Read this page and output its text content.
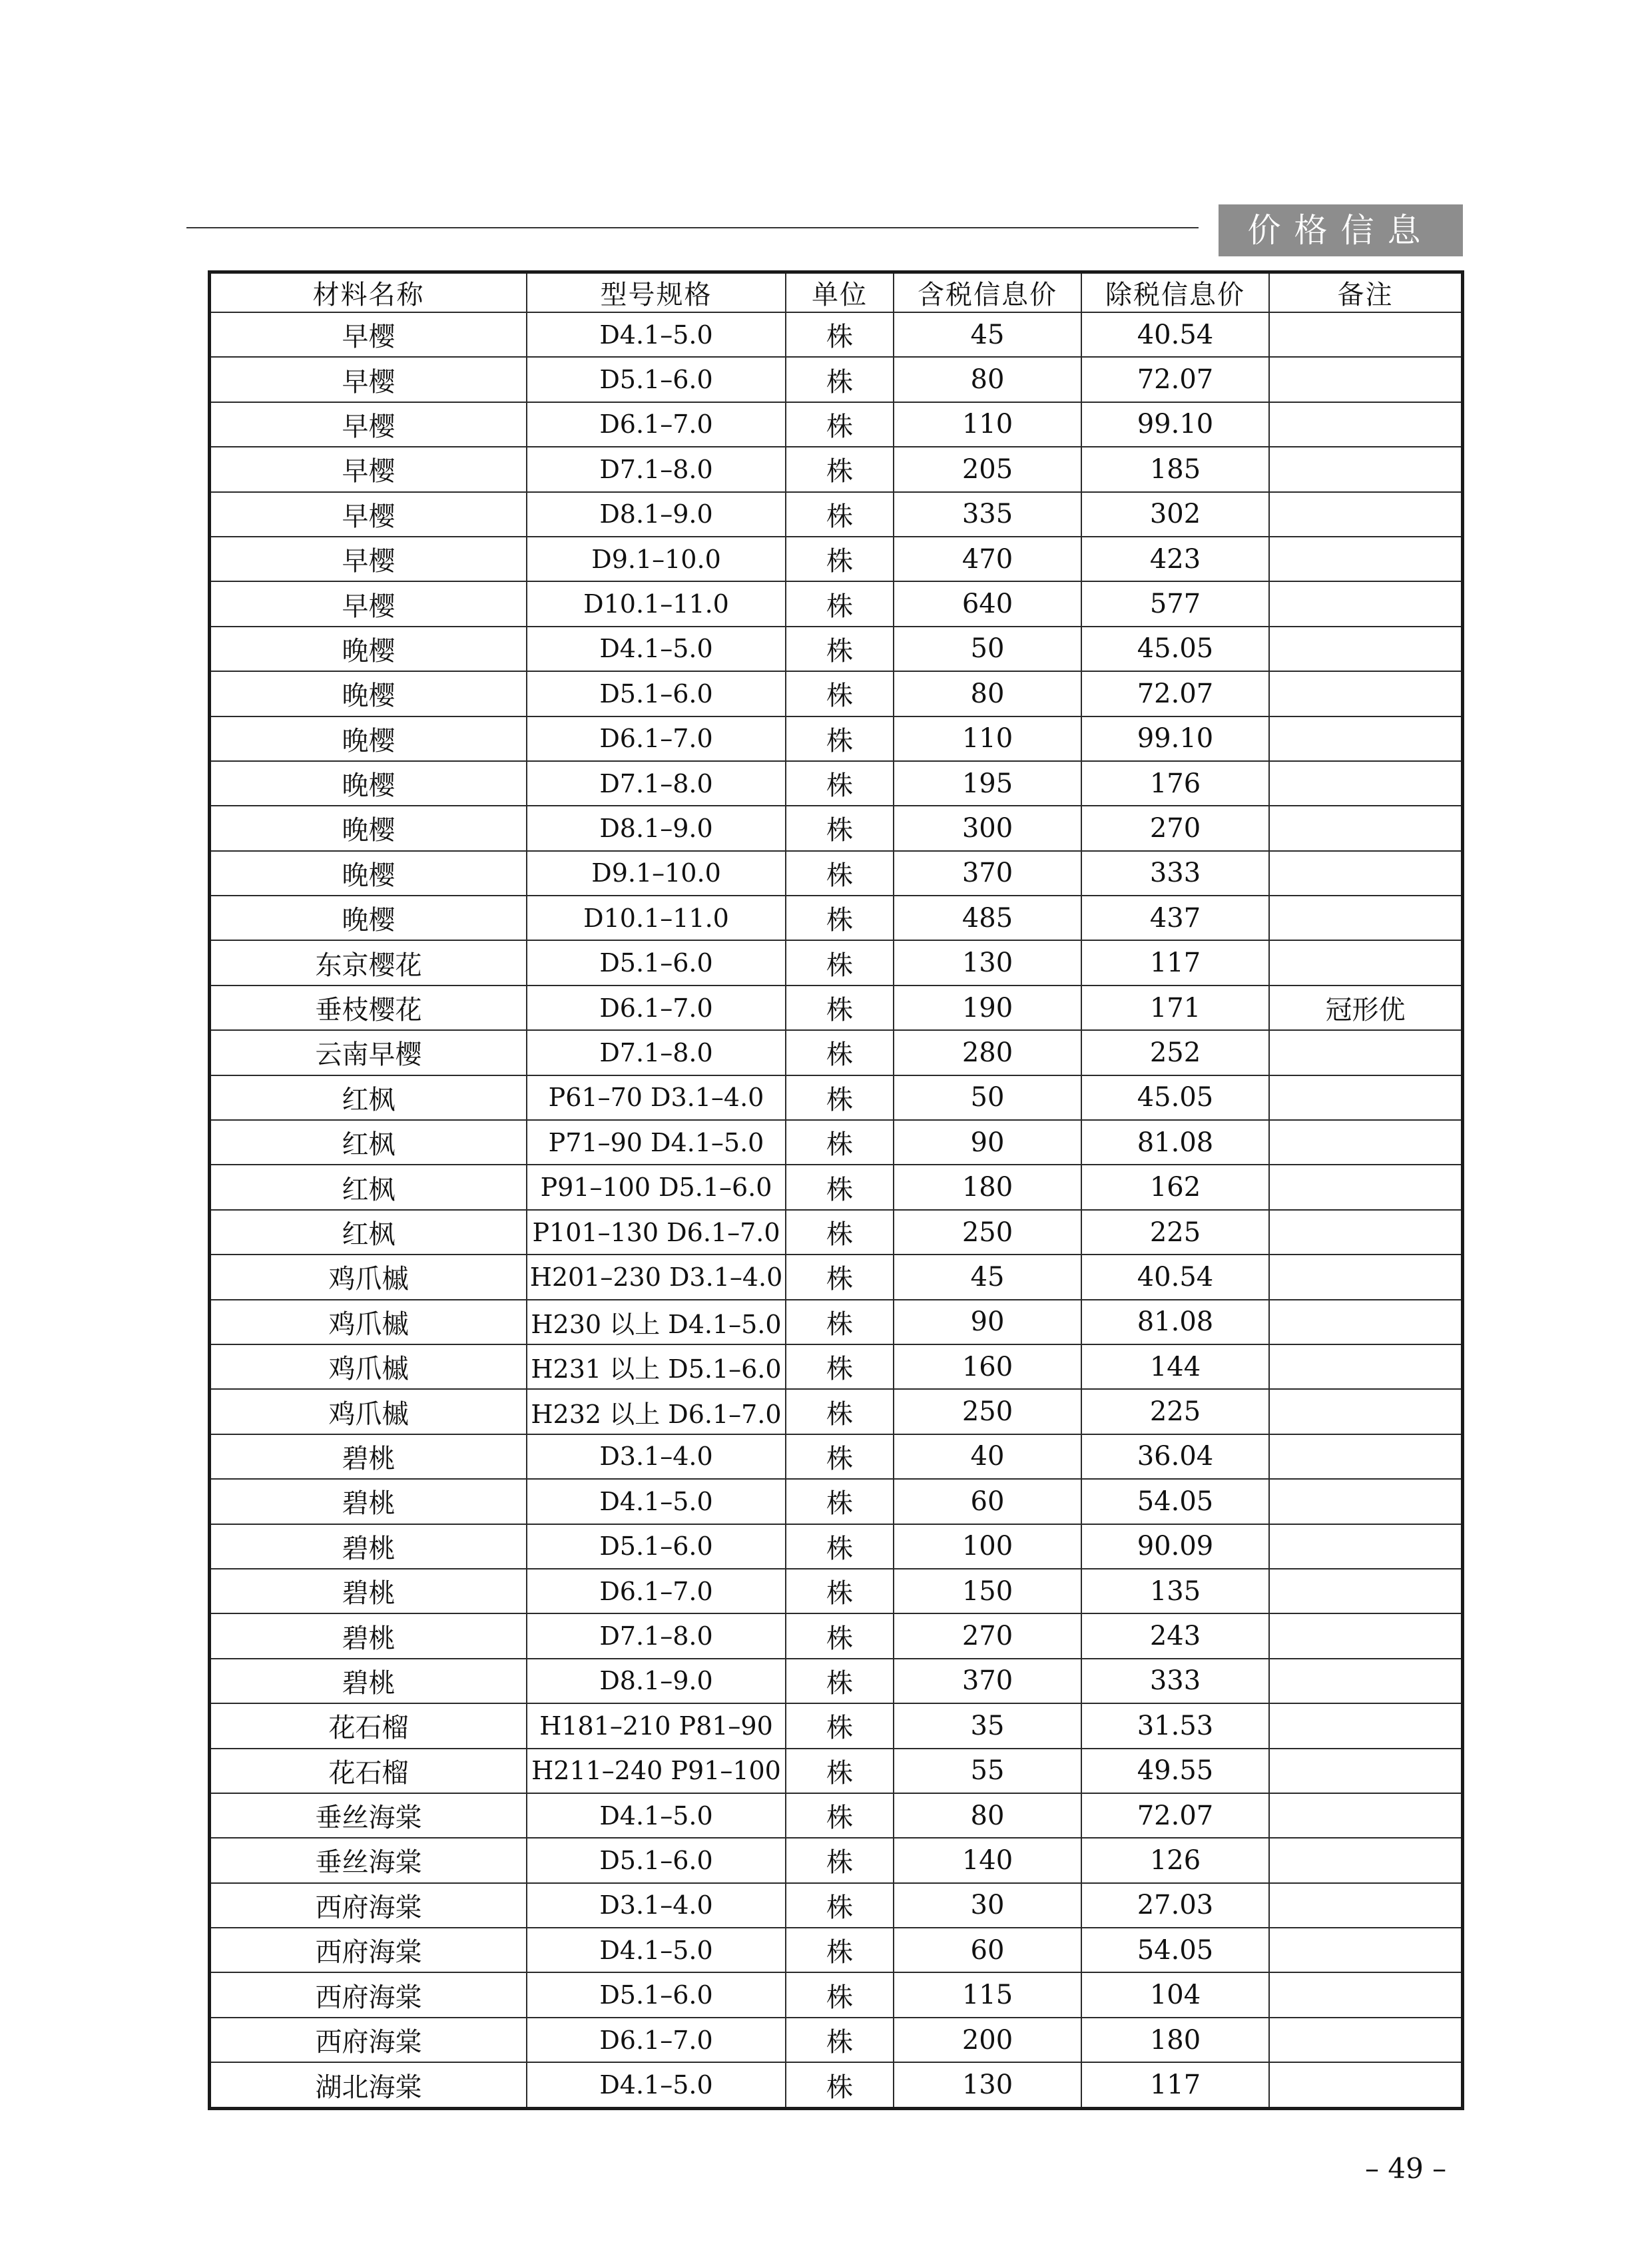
价格信息
材料名称	型号规格	单位	含税信息价	除税信息价	备注
早樱	D4.1–5.0	株	45	40.54	
早樱	D5.1–6.0	株	80	72.07	
早樱	D6.1–7.0	株	110	99.10	
早樱	D7.1–8.0	株	205	185	
早樱	D8.1–9.0	株	335	302	
早樱	D9.1–10.0	株	470	423	
早樱	D10.1–11.0	株	640	577	
晚樱	D4.1–5.0	株	50	45.05	
晚樱	D5.1–6.0	株	80	72.07	
晚樱	D6.1–7.0	株	110	99.10	
晚樱	D7.1–8.0	株	195	176	
晚樱	D8.1–9.0	株	300	270	
晚樱	D9.1–10.0	株	370	333	
晚樱	D10.1–11.0	株	485	437	
东京樱花	D5.1–6.0	株	130	117	
垂枝樱花	D6.1–7.0	株	190	171	冠形优
云南早樱	D7.1–8.0	株	280	252	
红枫	P61–70 D3.1–4.0	株	50	45.05	
红枫	P71–90 D4.1–5.0	株	90	81.08	
红枫	P91–100 D5.1–6.0	株	180	162	
红枫	P101–130 D6.1–7.0	株	250	225	
鸡爪槭	H201–230 D3.1–4.0	株	45	40.54	
鸡爪槭	H230 以上 D4.1–5.0	株	90	81.08	
鸡爪槭	H231 以上 D5.1–6.0	株	160	144	
鸡爪槭	H232 以上 D6.1–7.0	株	250	225	
碧桃	D3.1–4.0	株	40	36.04	
碧桃	D4.1–5.0	株	60	54.05	
碧桃	D5.1–6.0	株	100	90.09	
碧桃	D6.1–7.0	株	150	135	
碧桃	D7.1–8.0	株	270	243	
碧桃	D8.1–9.0	株	370	333	
花石榴	H181–210 P81–90	株	35	31.53	
花石榴	H211–240 P91–100	株	55	49.55	
垂丝海棠	D4.1–5.0	株	80	72.07	
垂丝海棠	D5.1–6.0	株	140	126	
西府海棠	D3.1–4.0	株	30	27.03	
西府海棠	D4.1–5.0	株	60	54.05	
西府海棠	D5.1–6.0	株	115	104	
西府海棠	D6.1–7.0	株	200	180	
湖北海棠	D4.1–5.0	株	130	117	
– 49 –
